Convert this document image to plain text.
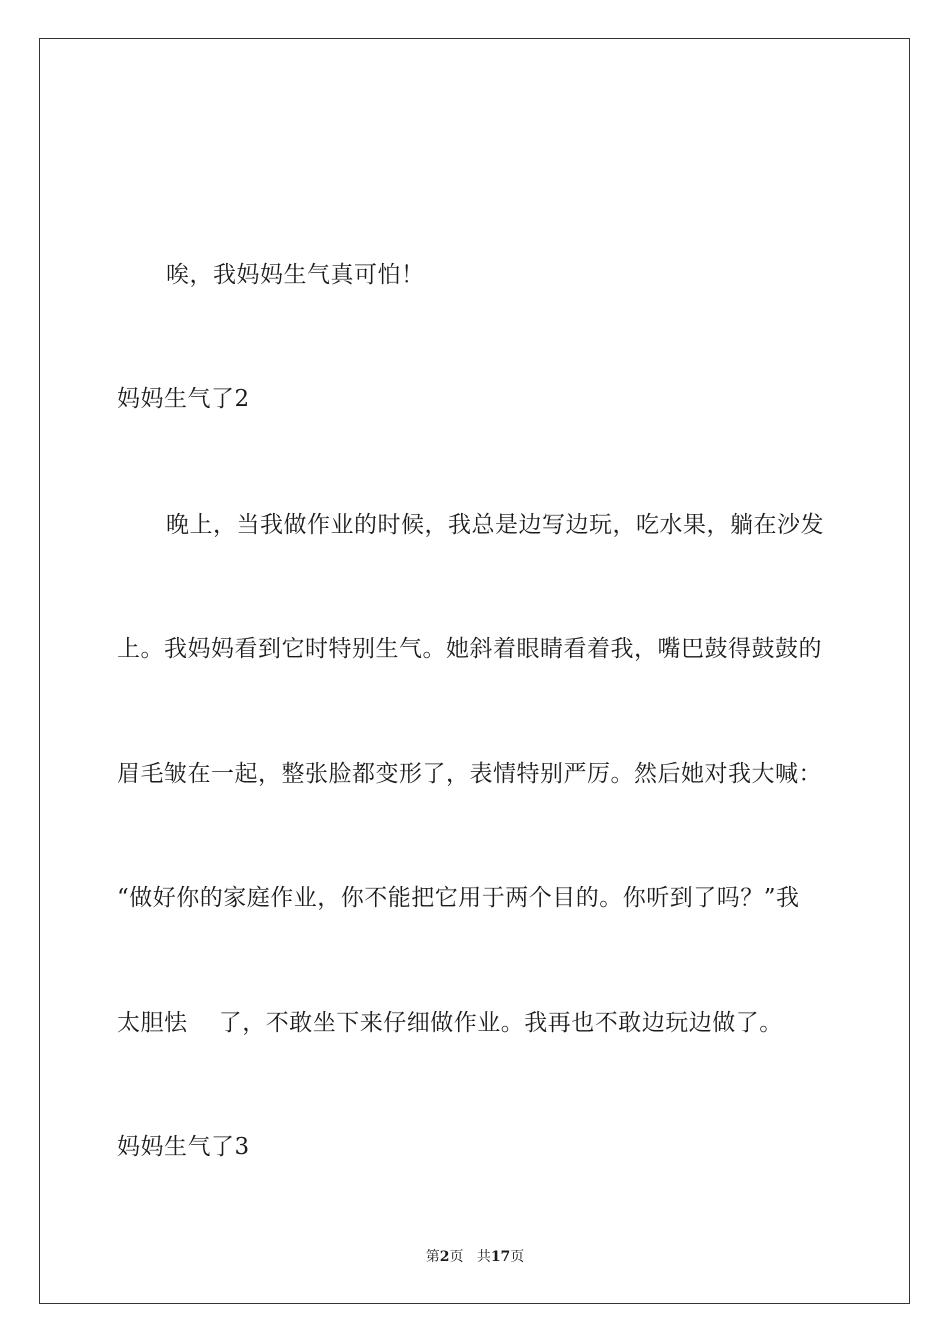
唉，我妈妈生气真可怕！
妈妈生气了2
晚上，当我做作业的时候，我总是边写边玩，吃水果，躺在沙发
上。我妈妈看到它时特别生气。她斜着眼睛看着我，嘴巴鼓得鼓鼓的
眉毛皱在一起，整张脸都变形了，表情特别严厉。然后她对我大喊：
“做好你的家庭作业，你不能把它用于两个目的。你听到了吗？”我
太胆怯　 了，不敢坐下来仔细做作业。我再也不敢边玩边做了。
妈妈生气了3
第2页 共17页
